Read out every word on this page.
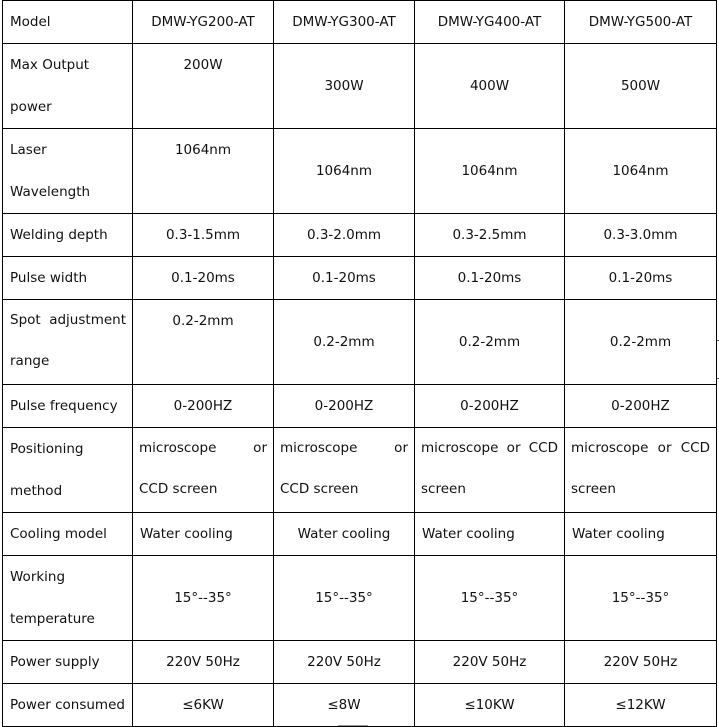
Model	DMW-YG200-AT	DMW-YG300-AT	DMW-YG400-AT	DMW-YG500-AT
Max Output power	200W	300W	400W	500W
Laser Wavelength	1064nm	1064nm	1064nm	1064nm
Welding depth	0.3-1.5mm	0.3-2.0mm	0.3-2.5mm	0.3-3.0mm
Pulse width	0.1-20ms	0.1-20ms	0.1-20ms	0.1-20ms
Spot adjustment range	0.2-2mm	0.2-2mm	0.2-2mm	0.2-2mm
Pulse frequency	0-200HZ	0-200HZ	0-200HZ	0-200HZ
Positioning method	microscope or CCD screen	microscope or CCD screen	microscope or CCD screen	microscope or CCD screen
Cooling model	Water cooling	Water cooling	Water cooling	Water cooling
Working temperature	15°--35°	15°--35°	15°--35°	15°--35°
Power supply	220V 50Hz	220V 50Hz	220V 50Hz	220V 50Hz
Power consumed	≤6KW	≤8W	≤10KW	≤12KW
